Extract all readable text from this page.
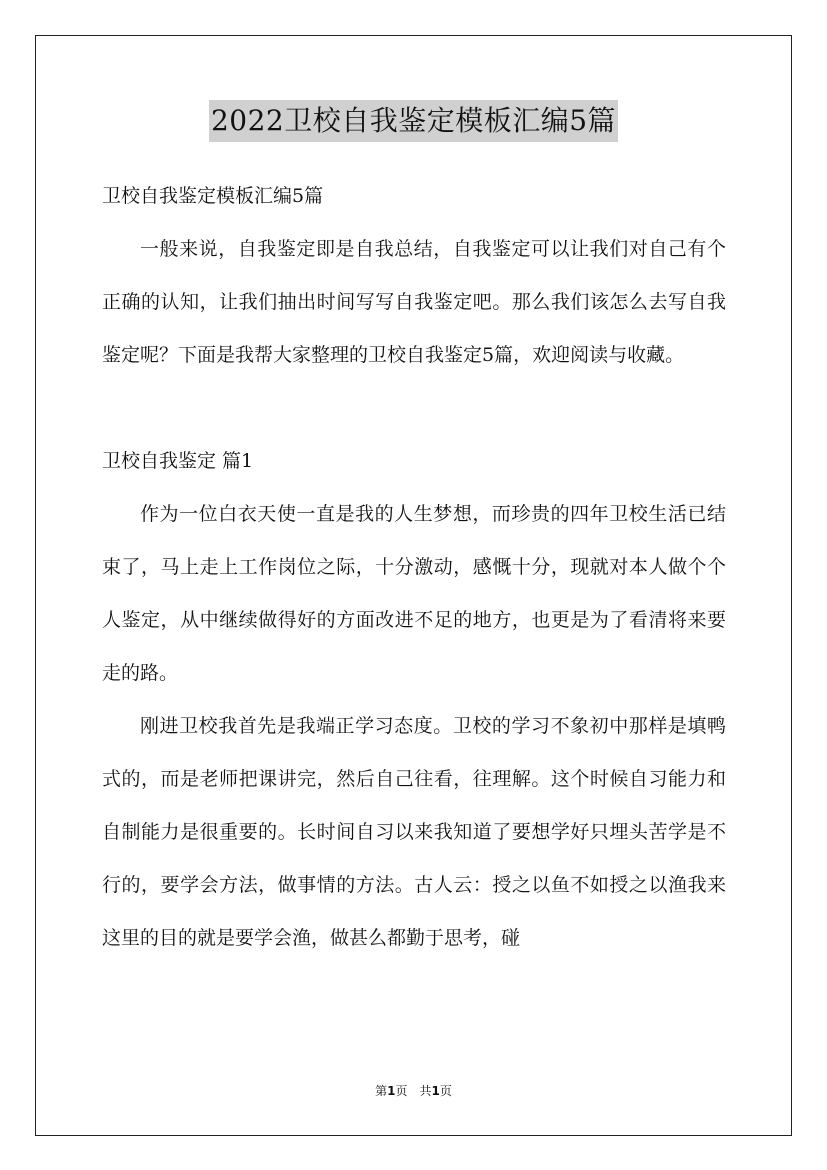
2022卫校自我鉴定模板汇编5篇

卫校自我鉴定模板汇编5篇

一般来说，自我鉴定即是自我总结，自我鉴定可以让我们对自己有个正确的认知，让我们抽出时间写写自我鉴定吧。那么我们该怎么去写自我鉴定呢？下面是我帮大家整理的卫校自我鉴定5篇，欢迎阅读与收藏。

卫校自我鉴定 篇1

作为一位白衣天使一直是我的人生梦想，而珍贵的四年卫校生活已结束了，马上走上工作岗位之际，十分激动，感慨十分，现就对本人做个个人鉴定，从中继续做得好的方面改进不足的地方，也更是为了看清将来要走的路。

刚进卫校我首先是我端正学习态度。卫校的学习不象初中那样是填鸭式的，而是老师把课讲完，然后自己往看，往理解。这个时候自习能力和自制能力是很重要的。长时间自习以来我知道了要想学好只埋头苦学是不行的，要学会方法，做事情的方法。古人云：授之以鱼不如授之以渔我来这里的目的就是要学会渔，做甚么都勤于思考，碰

第1页　共1页
